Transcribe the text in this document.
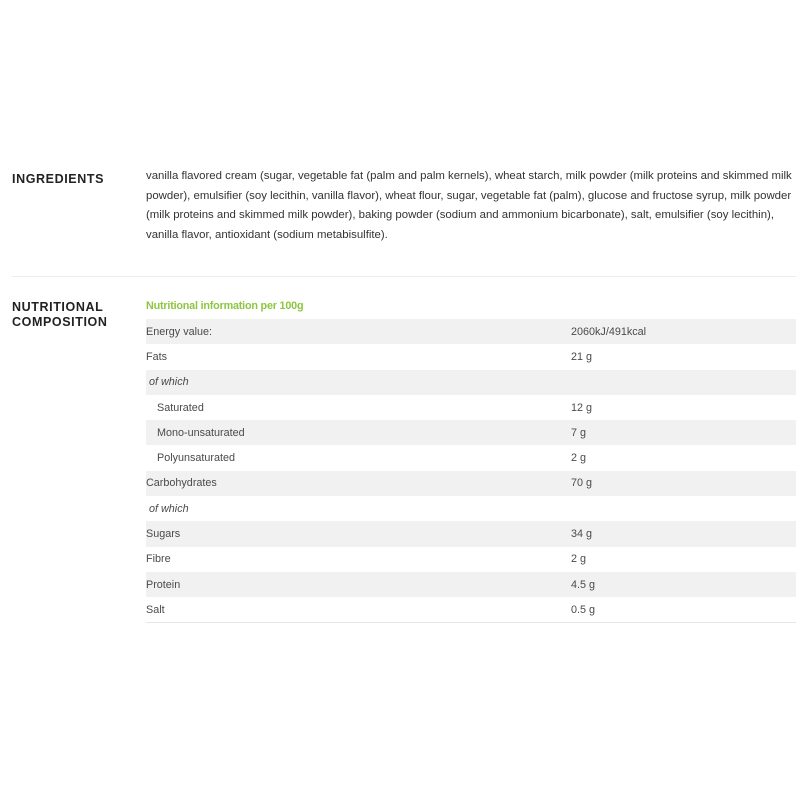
INGREDIENTS	vanilla flavored cream (sugar, vegetable fat (palm and palm kernels), wheat starch, milk powder (milk proteins and skimmed milk powder), emulsifier (soy lecithin, vanilla flavor), wheat flour, sugar, vegetable fat (palm), glucose and fructose syrup, milk powder (milk proteins and skimmed milk powder), baking powder (sodium and ammonium bicarbonate), salt, emulsifier (soy lecithin), vanilla flavor, antioxidant (sodium metabisulfite).

NUTRITIONAL
COMPOSITION
Nutritional information per 100g
Energy value:	2060kJ/491kcal
Fats	21 g
of which	
Saturated	12 g
Mono-unsaturated	7 g
Polyunsaturated	2 g
Carbohydrates	70 g
of which	
Sugars	34 g
Fibre	2 g
Protein	4.5 g
Salt	0.5 g
